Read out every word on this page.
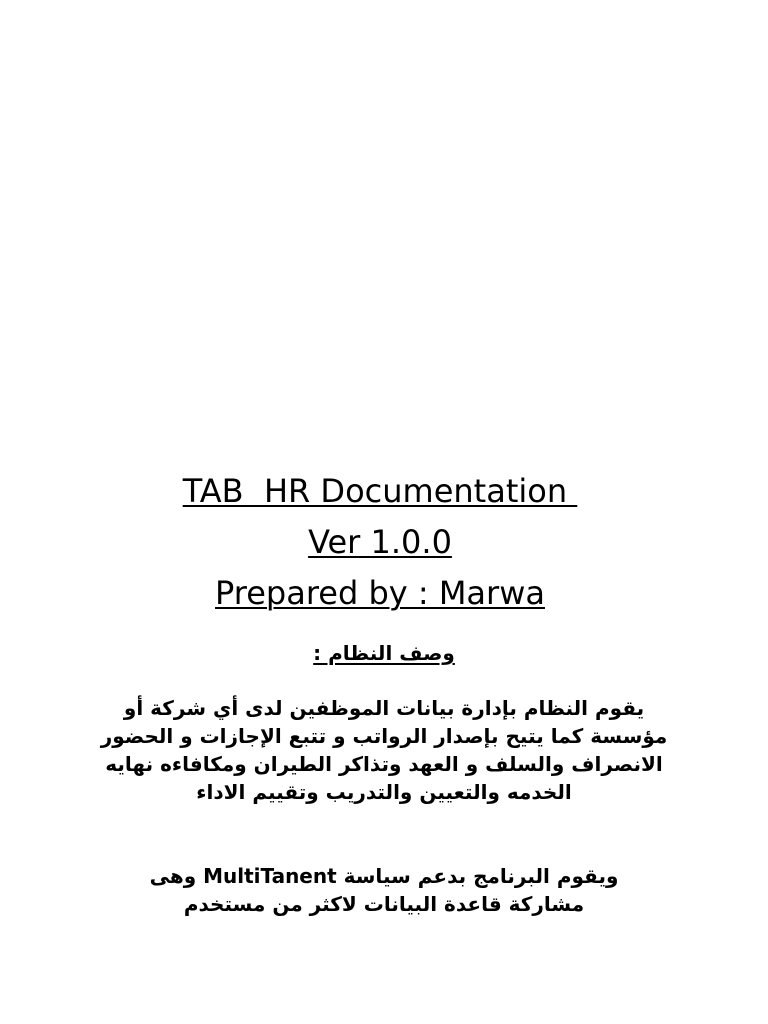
TAB  HR Documentation
Ver 1.0.0
Prepared by : Marwa
وصف النظام :

يقوم النظام بإدارة بيانات الموظفين لدى أي شركة أو مؤسسة كما يتيح بإصدار الرواتب و تتبع الإجازات و الحضور الانصراف والسلف و العهد وتذاكر الطيران ومكافاءه نهايه الخدمه والتعيين والتدريب وتقييم الاداء

ويقوم البرنامج بدعم سياسة MultiTanent وهى مشاركة قاعدة البيانات لاكثر من مستخدم
